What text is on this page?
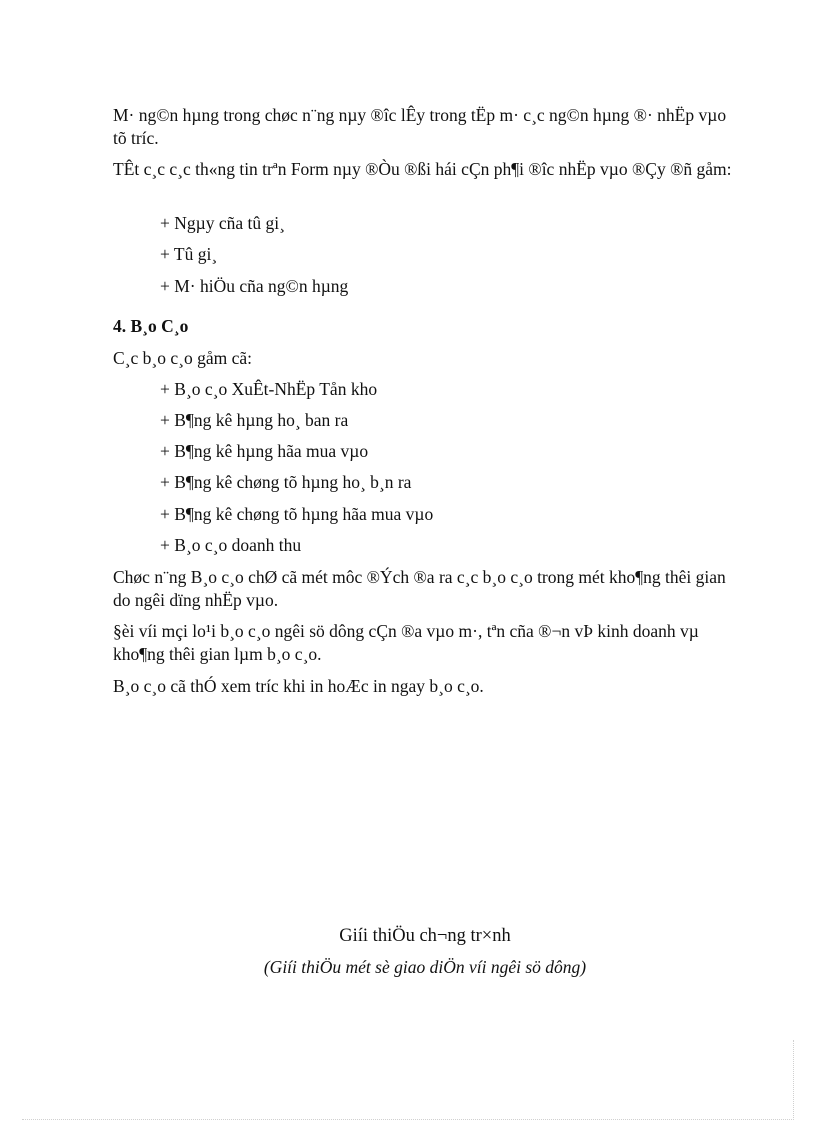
M· ng©n hµng trong chøc n¨ng nµy ®îc lÊy trong tËp m· c¸c ng©n hµng ®· nhËp vµo tõ tríc.

TÊt c¸c c¸c th«ng tin trªn Form nµy ®Òu ®ßi hái cÇn ph¶i ®îc nhËp vµo ®Çy ®ñ gåm:

+ Ngµy cña tû gi¸

+ Tû gi¸

+ M· hiÖu cña ng©n hµng

4. B¸o C¸o

C¸c b¸o c¸o gåm cã:

+ B¸o c¸o XuÊt-NhËp Tån kho

+ B¶ng kê hµng ho¸ ban ra

+ B¶ng kê hµng hãa mua vµo

+ B¶ng kê chøng tõ hµng ho¸ b¸n ra

+ B¶ng kê chøng tõ hµng hãa mua vµo

+ B¸o c¸o doanh thu

Chøc n¨ng B¸o c¸o chØ cã mét môc ®Ých ®a ra c¸c b¸o c¸o trong mét kho¶ng thêi gian do ngêi dïng nhËp vµo.

§èi víi mçi lo¹i b¸o c¸o ngêi sö dông cÇn ®a vµo m·, tªn cña ®¬n vÞ kinh doanh vµ kho¶ng thêi gian lµm b¸o c¸o.

B¸o c¸o cã thÓ xem tríc khi in hoÆc in ngay b¸o c¸o.

Giíi thiÖu ch¬ng tr×nh

(Giíi thiÖu mét sè giao diÖn víi ngêi sö dông)
